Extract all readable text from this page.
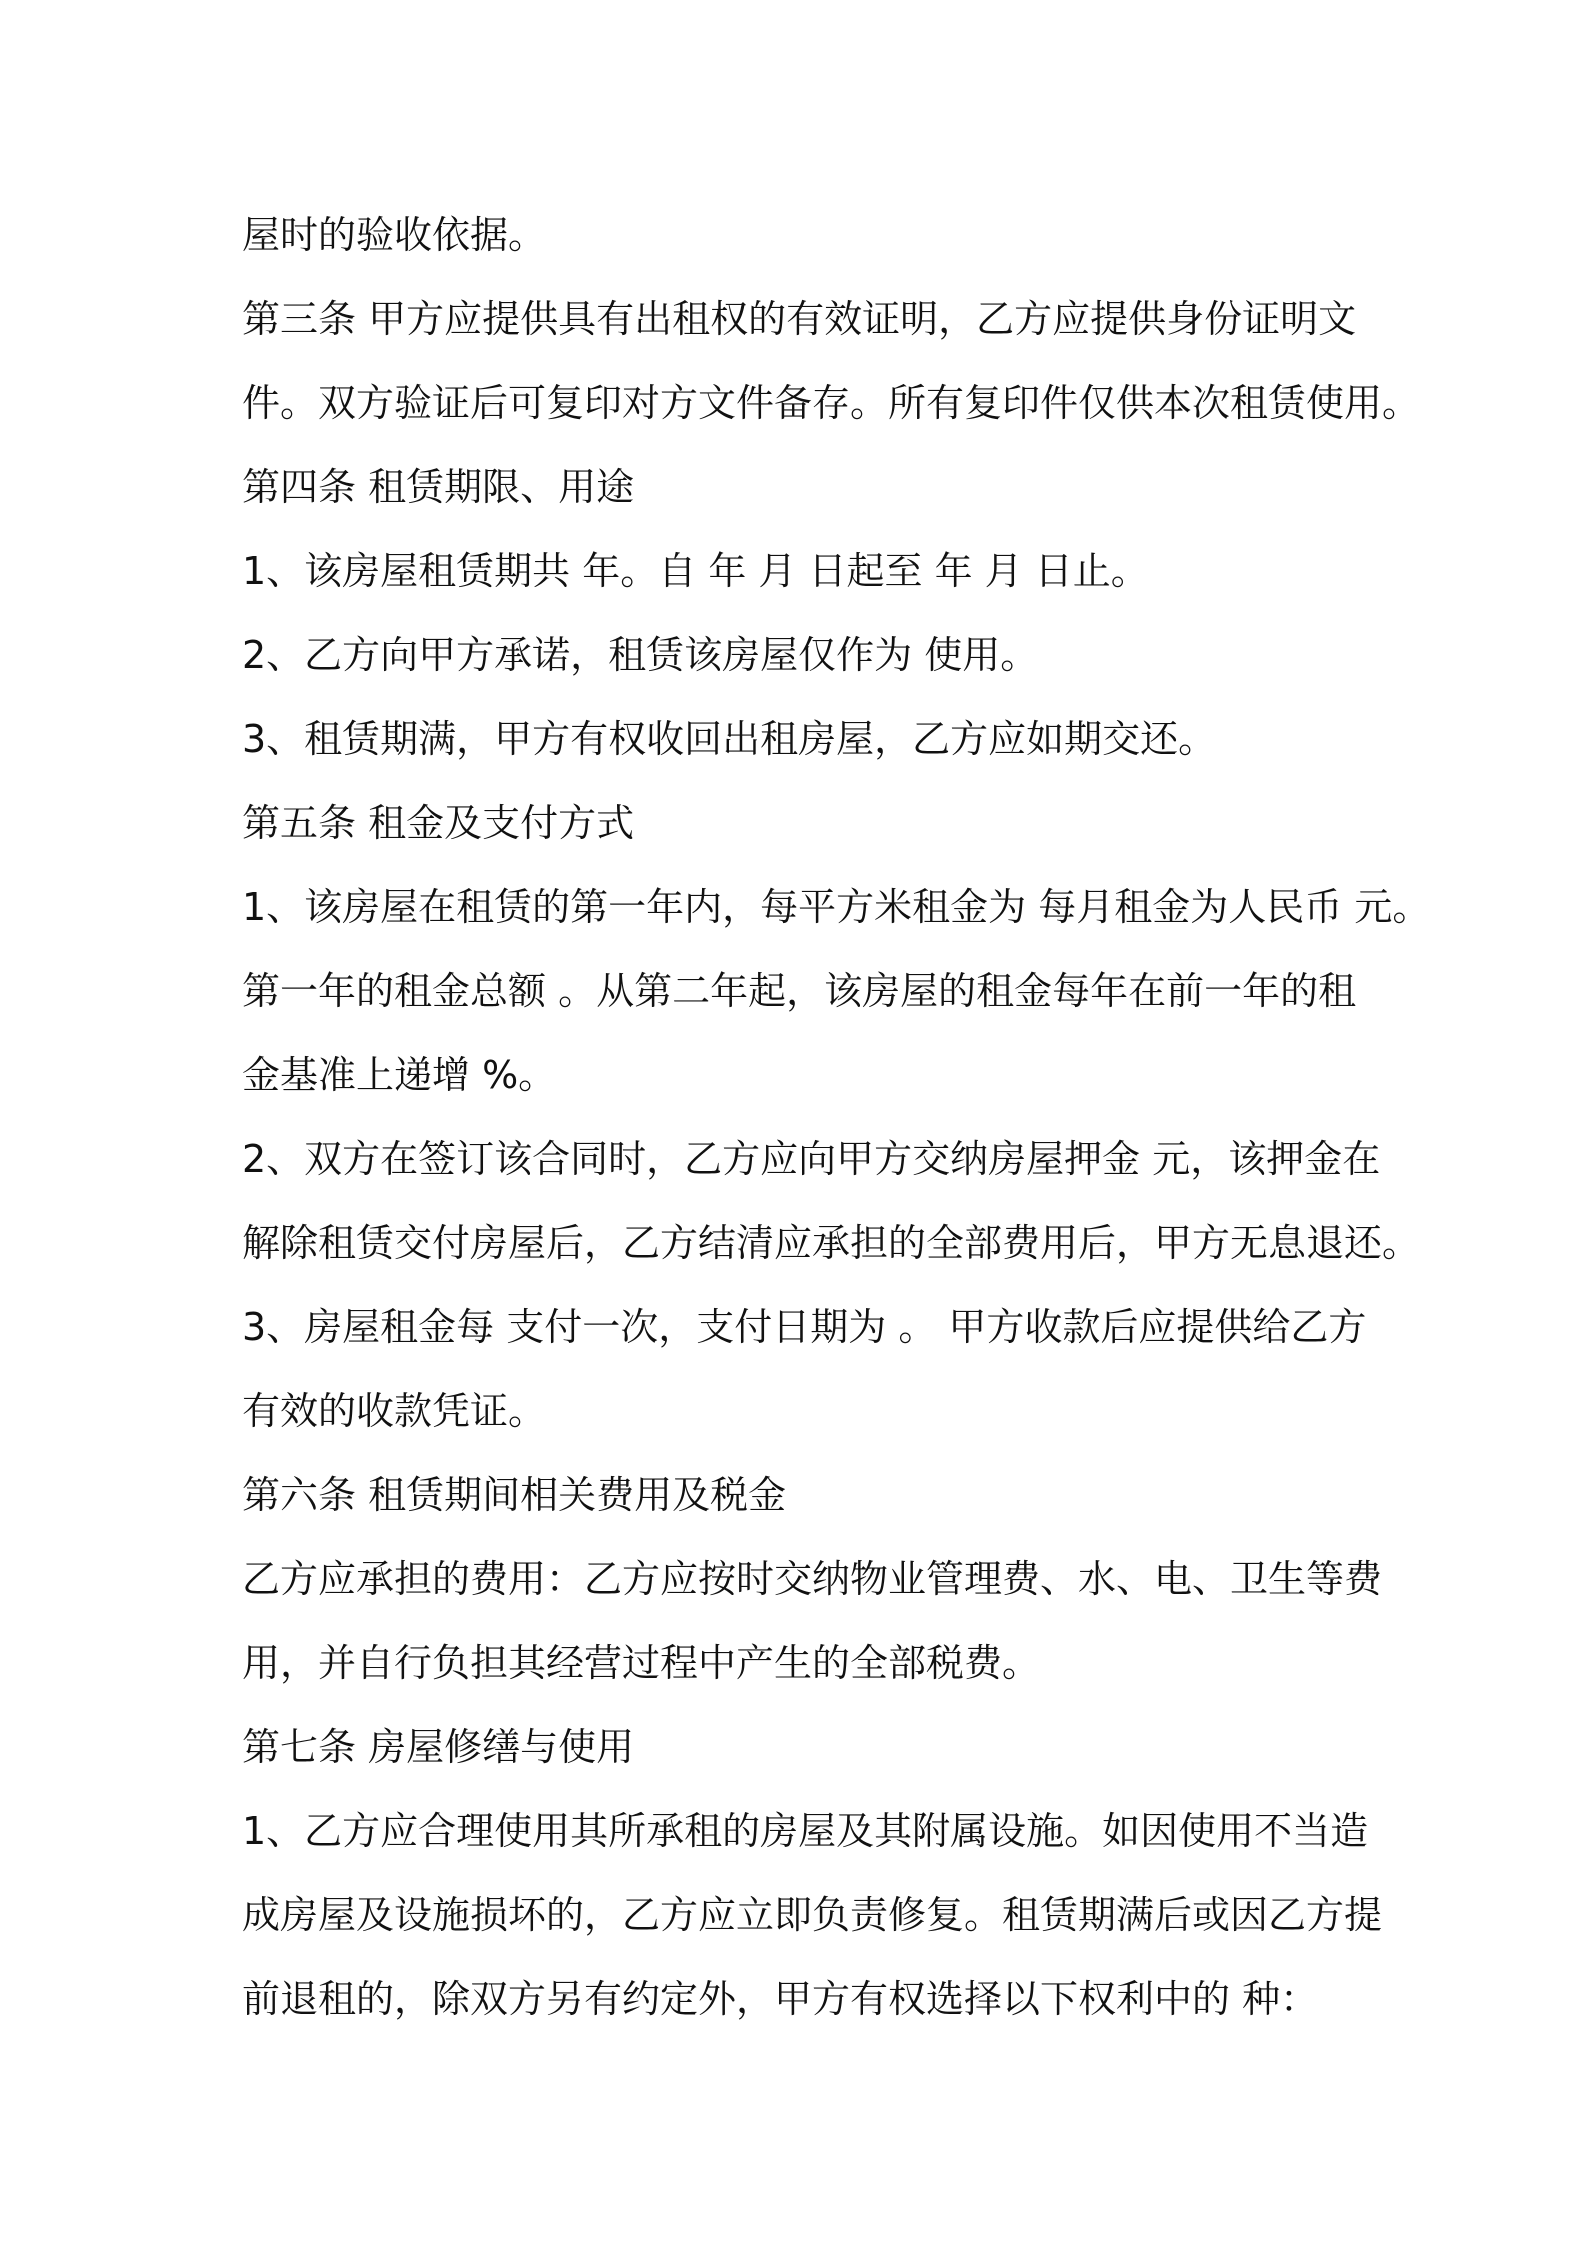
屋时的验收依据。
第三条 甲方应提供具有出租权的有效证明，乙方应提供身份证明文
件。双方验证后可复印对方文件备存。所有复印件仅供本次租赁使用。
第四条 租赁期限、用途
1、该房屋租赁期共 年。自 年 月 日起至 年 月 日止。
2、乙方向甲方承诺，租赁该房屋仅作为 使用。
3、租赁期满，甲方有权收回出租房屋，乙方应如期交还。
第五条 租金及支付方式
1、该房屋在租赁的第一年内，每平方米租金为 每月租金为人民币 元。
第一年的租金总额 。从第二年起，该房屋的租金每年在前一年的租
金基准上递增 %。
2、双方在签订该合同时，乙方应向甲方交纳房屋押金 元，该押金在
解除租赁交付房屋后，乙方结清应承担的全部费用后，甲方无息退还。
3、房屋租金每 支付一次，支付日期为 。 甲方收款后应提供给乙方
有效的收款凭证。
第六条 租赁期间相关费用及税金
乙方应承担的费用：乙方应按时交纳物业管理费、水、电、卫生等费
用，并自行负担其经营过程中产生的全部税费。
第七条 房屋修缮与使用
1、乙方应合理使用其所承租的房屋及其附属设施。如因使用不当造
成房屋及设施损坏的，乙方应立即负责修复。租赁期满后或因乙方提
前退租的，除双方另有约定外，甲方有权选择以下权利中的 种：
